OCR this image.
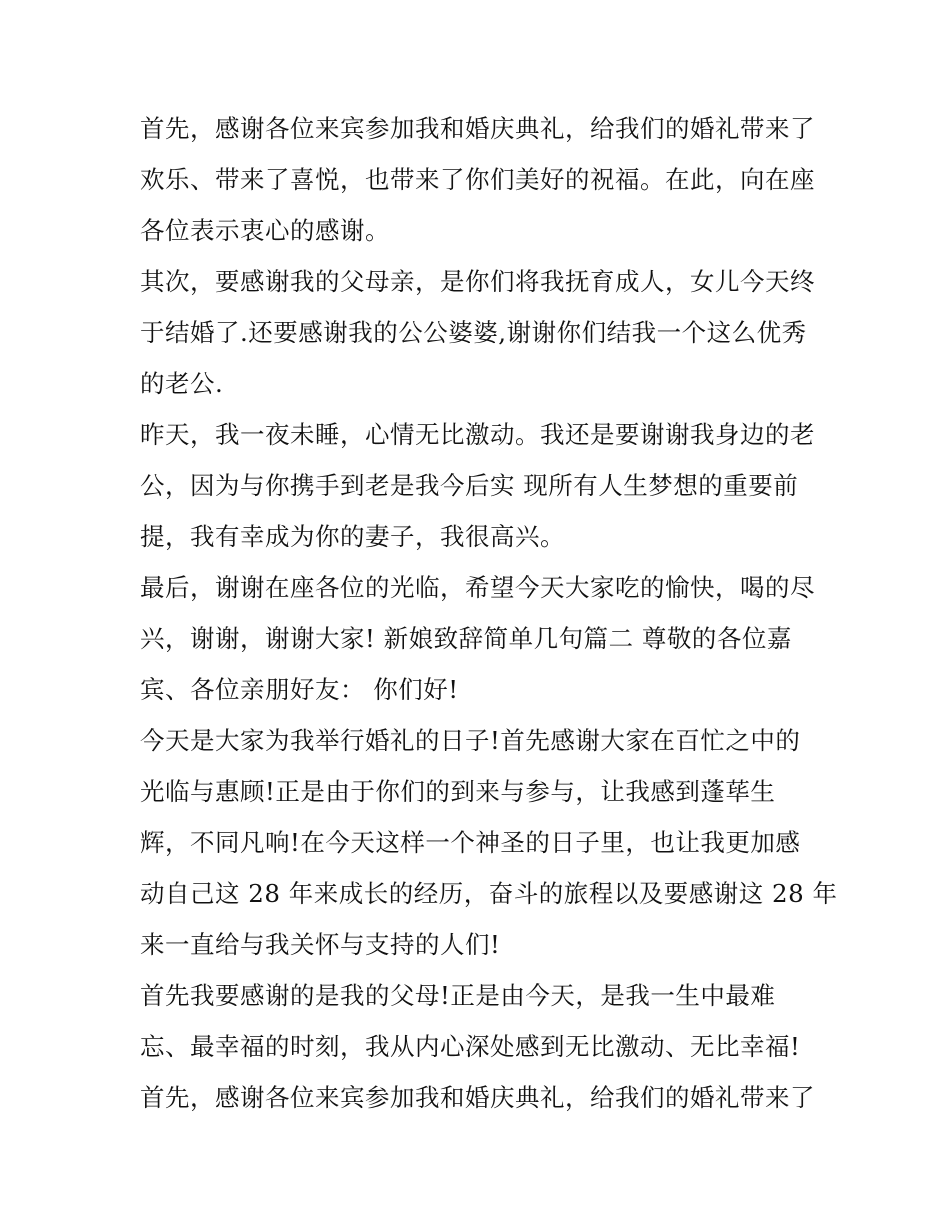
首先，感谢各位来宾参加我和婚庆典礼，给我们的婚礼带来了
欢乐、带来了喜悦，也带来了你们美好的祝福。在此，向在座
各位表示衷心的感谢。
其次，要感谢我的父母亲，是你们将我抚育成人，女儿今天终
于结婚了.还要感谢我的公公婆婆,谢谢你们结我一个这么优秀
的老公.
昨天，我一夜未睡，心情无比激动。我还是要谢谢我身边的老
公，因为与你携手到老是我今后实 现所有人生梦想的重要前
提，我有幸成为你的妻子，我很高兴。
最后，谢谢在座各位的光临，希望今天大家吃的愉快，喝的尽
兴，谢谢，谢谢大家! 新娘致辞简单几句篇二 尊敬的各位嘉
宾、各位亲朋好友： 你们好!
今天是大家为我举行婚礼的日子!首先感谢大家在百忙之中的
光临与惠顾!正是由于你们的到来与参与，让我感到蓬荜生
辉，不同凡响!在今天这样一个神圣的日子里，也让我更加感
动自己这 28 年来成长的经历，奋斗的旅程以及要感谢这 28 年
来一直给与我关怀与支持的人们!
首先我要感谢的是我的父母!正是由今天，是我一生中最难
忘、最幸福的时刻，我从内心深处感到无比激动、无比幸福!
首先，感谢各位来宾参加我和婚庆典礼，给我们的婚礼带来了
